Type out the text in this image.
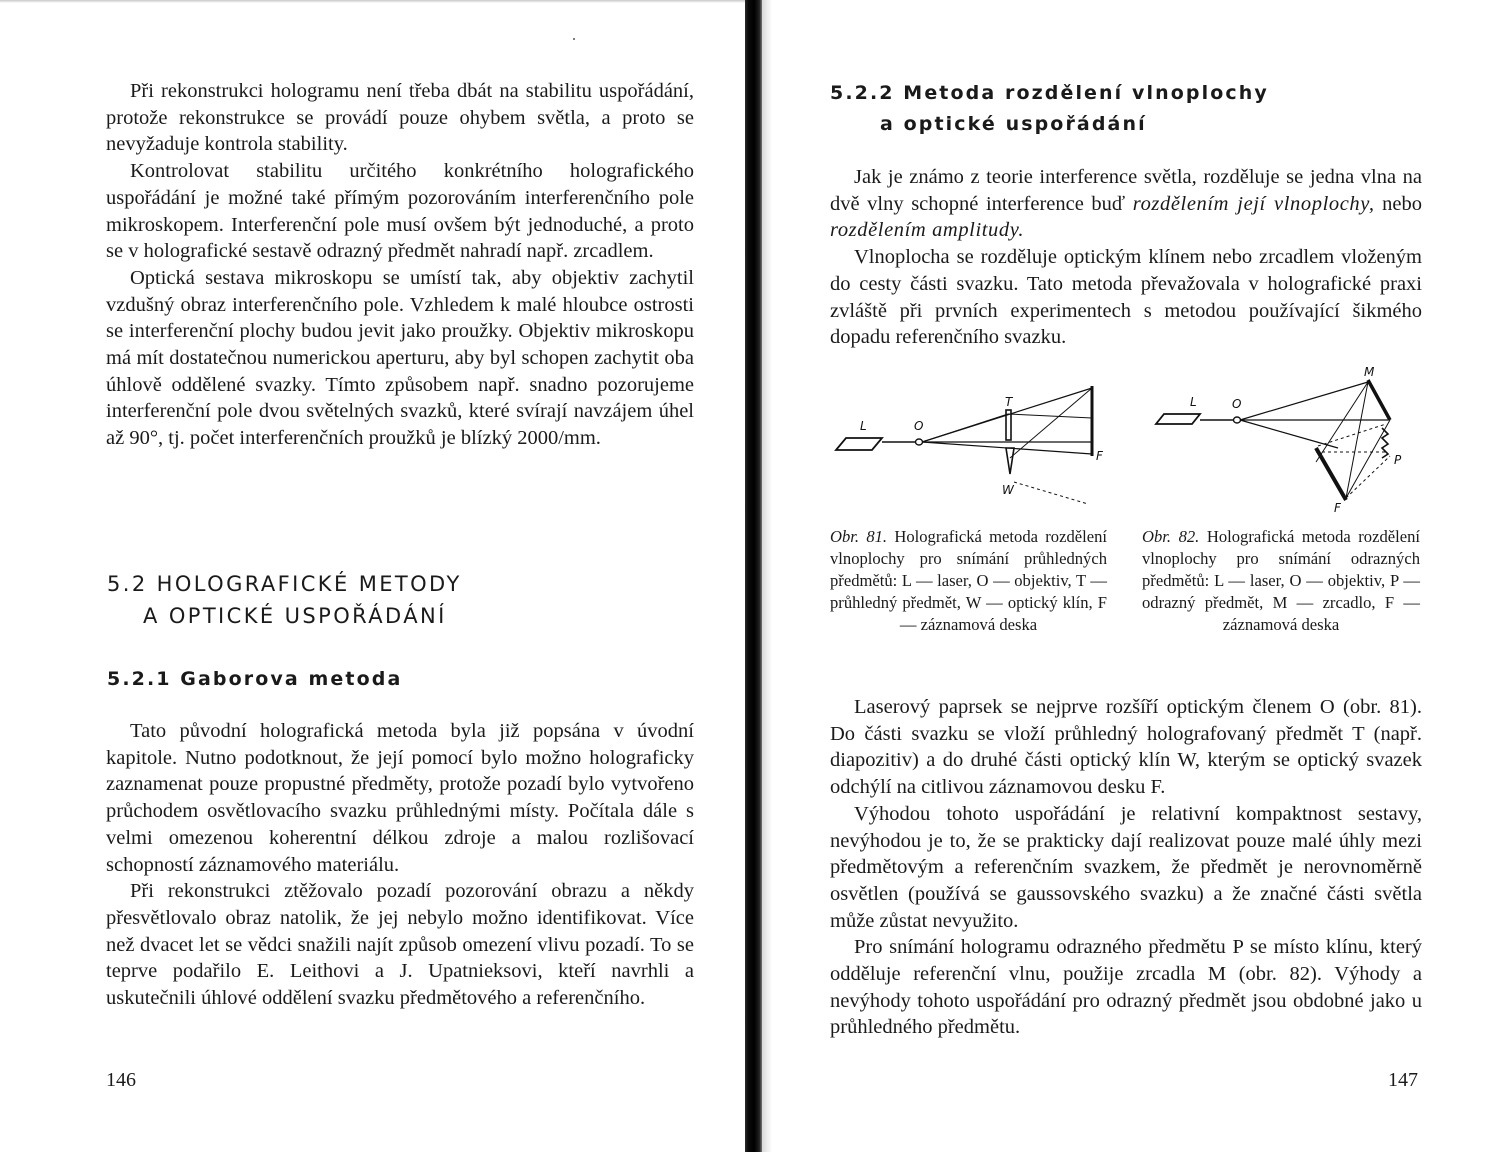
Při rekonstrukci hologramu není třeba dbát na stabilitu uspořádání, protože rekonstrukce se provádí pouze ohybem světla, a proto se nevyžaduje kontrola stability.

Kontrolovat stabilitu určitého konkrétního holografického uspořádání je možné také přímým pozorováním interferenčního pole mikroskopem. Interferenční pole musí ovšem být jednoduché, a proto se v holografické sestavě odrazný předmět nahradí např. zrcadlem.

Optická sestava mikroskopu se umístí tak, aby objektiv zachytil vzdušný obraz interferenčního pole. Vzhledem k malé hloubce ostrosti se interferenční plochy budou jevit jako proužky. Objektiv mikroskopu má mít dostatečnou numerickou aperturu, aby byl schopen zachytit oba úhlově oddělené svazky. Tímto způsobem např. snadno pozorujeme interferenční pole dvou světelných svazků, které svírají navzájem úhel až 90°, tj. počet interferenčních proužků je blízký 2000/mm.

5.2 HOLOGRAFICKÉ METODY
A OPTICKÉ USPOŘÁDÁNÍ
5.2.1 Gaborova metoda

Tato původní holografická metoda byla již popsána v úvodní kapitole. Nutno podotknout, že její pomocí bylo možno holograficky zaznamenat pouze propustné předměty, protože pozadí bylo vytvořeno průchodem osvětlovacího svazku průhlednými místy. Počítala dále s velmi omezenou koherentní délkou zdroje a malou rozlišovací schopností záznamového materiálu.

Při rekonstrukci ztěžovalo pozadí pozorování obrazu a někdy přesvětlovalo obraz natolik, že jej nebylo možno identifikovat. Více než dvacet let se vědci snažili najít způsob omezení vlivu pozadí. To se teprve podařilo E. Leithovi a J. Upatnieksovi, kteří navrhli a uskutečnili úhlové oddělení svazku předmětového a referenčního.

146
5.2.2 Metoda rozdělení vlnoplochy
a optické uspořádání

Jak je známo z teorie interference světla, rozděluje se jedna vlna na dvě vlny schopné interference buď rozdělením její vlnoplochy, nebo rozdělením amplitudy.

Vlnoplocha se rozděluje optickým klínem nebo zrcadlem vloženým do cesty části svazku. Tato metoda převažovala v holografické praxi zvláště při prvních experimentech s metodou používající šikmého dopadu referenčního svazku.

L	O
T
F
W
L	O
M
P
F
Obr. 81. Holografická metoda rozdělení vlnoplochy pro snímání průhledných předmětů: L — laser, O — objektiv, T — průhledný předmět, W — optický klín, F — záznamová deska
Obr. 82. Holografická metoda rozdělení vlnoplochy pro snímání odrazných předmětů: L — laser, O — objektiv, P — odrazný předmět, M — zrcadlo, F — záznamová deska

Laserový paprsek se nejprve rozšíří optickým členem O (obr. 81). Do části svazku se vloží průhledný holografovaný předmět T (např. diapozitiv) a do druhé části optický klín W, kterým se optický svazek odchýlí na citlivou záznamovou desku F.

Výhodou tohoto uspořádání je relativní kompaktnost sestavy, nevýhodou je to, že se prakticky dají realizovat pouze malé úhly mezi předmětovým a referenčním svazkem, že předmět je nerovnoměrně osvětlen (používá se gaussovského svazku) a že značné části světla může zůstat nevyužito.

Pro snímání hologramu odrazného předmětu P se místo klínu, který odděluje referenční vlnu, použije zrcadla M (obr. 82). Výhody a nevýhody tohoto uspořádání pro odrazný předmět jsou obdobné jako u průhledného předmětu.

147
